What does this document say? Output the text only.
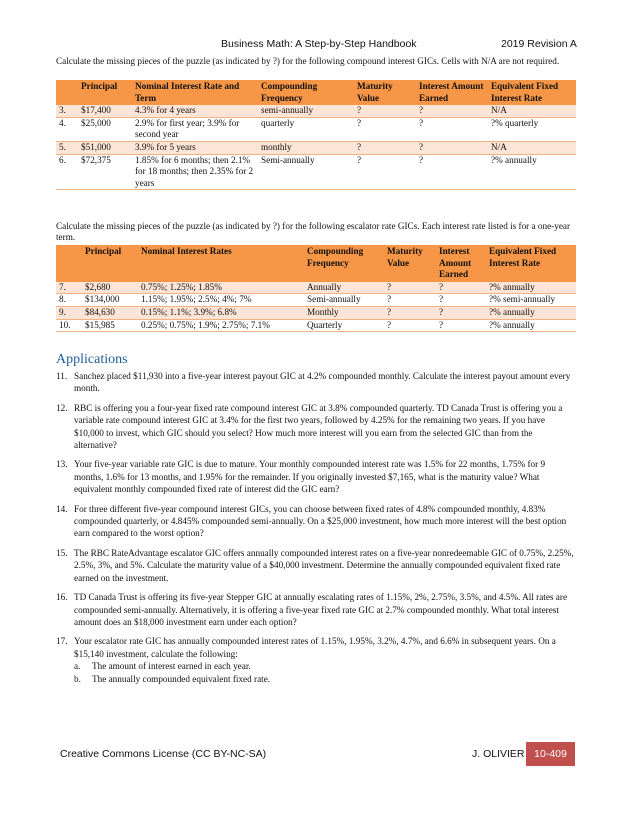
Business Math: A Step-by-Step Handbook	2019 Revision A
Calculate the missing pieces of the puzzle (as indicated by ?) for the following compound interest GICs. Cells with N/A are not required.
	Principal	Nominal Interest Rate and Term	Compounding Frequency	Maturity Value	Interest Amount Earned	Equivalent Fixed Interest Rate
3.	$17,400	4.3% for 4 years	semi-annually	?	?	N/A
4.	$25,000	2.9% for first year; 3.9% for second year	quarterly	?	?	?% quarterly
5.	$51,000	3.9% for 5 years	monthly	?	?	N/A
6.	$72,375	1.85% for 6 months; then 2.1% for 18 months; then 2.35% for 2 years	Semi-annually	?	?	?% annually
Calculate the missing pieces of the puzzle (as indicated by ?) for the following escalator rate GICs. Each interest rate listed is for a one-year term.
	Principal	Nominal Interest Rates	Compounding Frequency	Maturity Value	Interest Amount Earned	Equivalent Fixed Interest Rate
7.	$2,680	0.75%; 1.25%; 1.85%	Annually	?	?	?% annually
8.	$134,000	1.15%; 1.95%; 2.5%; 4%; 7%	Semi-annually	?	?	?% semi-annually
9.	$84,630	0.15%; 1.1%; 3.9%; 6.8%	Monthly	?	?	?% annually
10.	$15,985	0.25%; 0.75%; 1.9%; 2.75%; 7.1%	Quarterly	?	?	?% annually
Applications
11. Sanchez placed $11,930 into a five-year interest payout GIC at 4.2% compounded monthly. Calculate the interest payout amount every month.
12. RBC is offering you a four-year fixed rate compound interest GIC at 3.8% compounded quarterly. TD Canada Trust is offering you a variable rate compound interest GIC at 3.4% for the first two years, followed by 4.25% for the remaining two years. If you have $10,000 to invest, which GIC should you select? How much more interest will you earn from the selected GIC than from the alternative?
13. Your five-year variable rate GIC is due to mature. Your monthly compounded interest rate was 1.5% for 22 months, 1.75% for 9 months, 1.6% for 13 months, and 1.95% for the remainder. If you originally invested $7,165, what is the maturity value? What equivalent monthly compounded fixed rate of interest did the GIC earn?
14. For three different five-year compound interest GICs, you can choose between fixed rates of 4.8% compounded monthly, 4.83% compounded quarterly, or 4.845% compounded semi-annually. On a $25,000 investment, how much more interest will the best option earn compared to the worst option?
15. The RBC RateAdvantage escalator GIC offers annually compounded interest rates on a five-year nonredeemable GIC of 0.75%, 2.25%, 2.5%, 3%, and 5%. Calculate the maturity value of a $40,000 investment. Determine the annually compounded equivalent fixed rate earned on the investment.
16. TD Canada Trust is offering its five-year Stepper GIC at annually escalating rates of 1.15%, 2%, 2.75%, 3.5%, and 4.5%. All rates are compounded semi-annually. Alternatively, it is offering a five-year fixed rate GIC at 2.7% compounded monthly. What total interest amount does an $18,000 investment earn under each option?
17. Your escalator rate GIC has annually compounded interest rates of 1.15%, 1.95%, 3.2%, 4.7%, and 6.6% in subsequent years. On a $15,140 investment, calculate the following:
a.	The amount of interest earned in each year.
b.	The annually compounded equivalent fixed rate.
Creative Commons License (CC BY-NC-SA)	J. OLIVIER 10-409
